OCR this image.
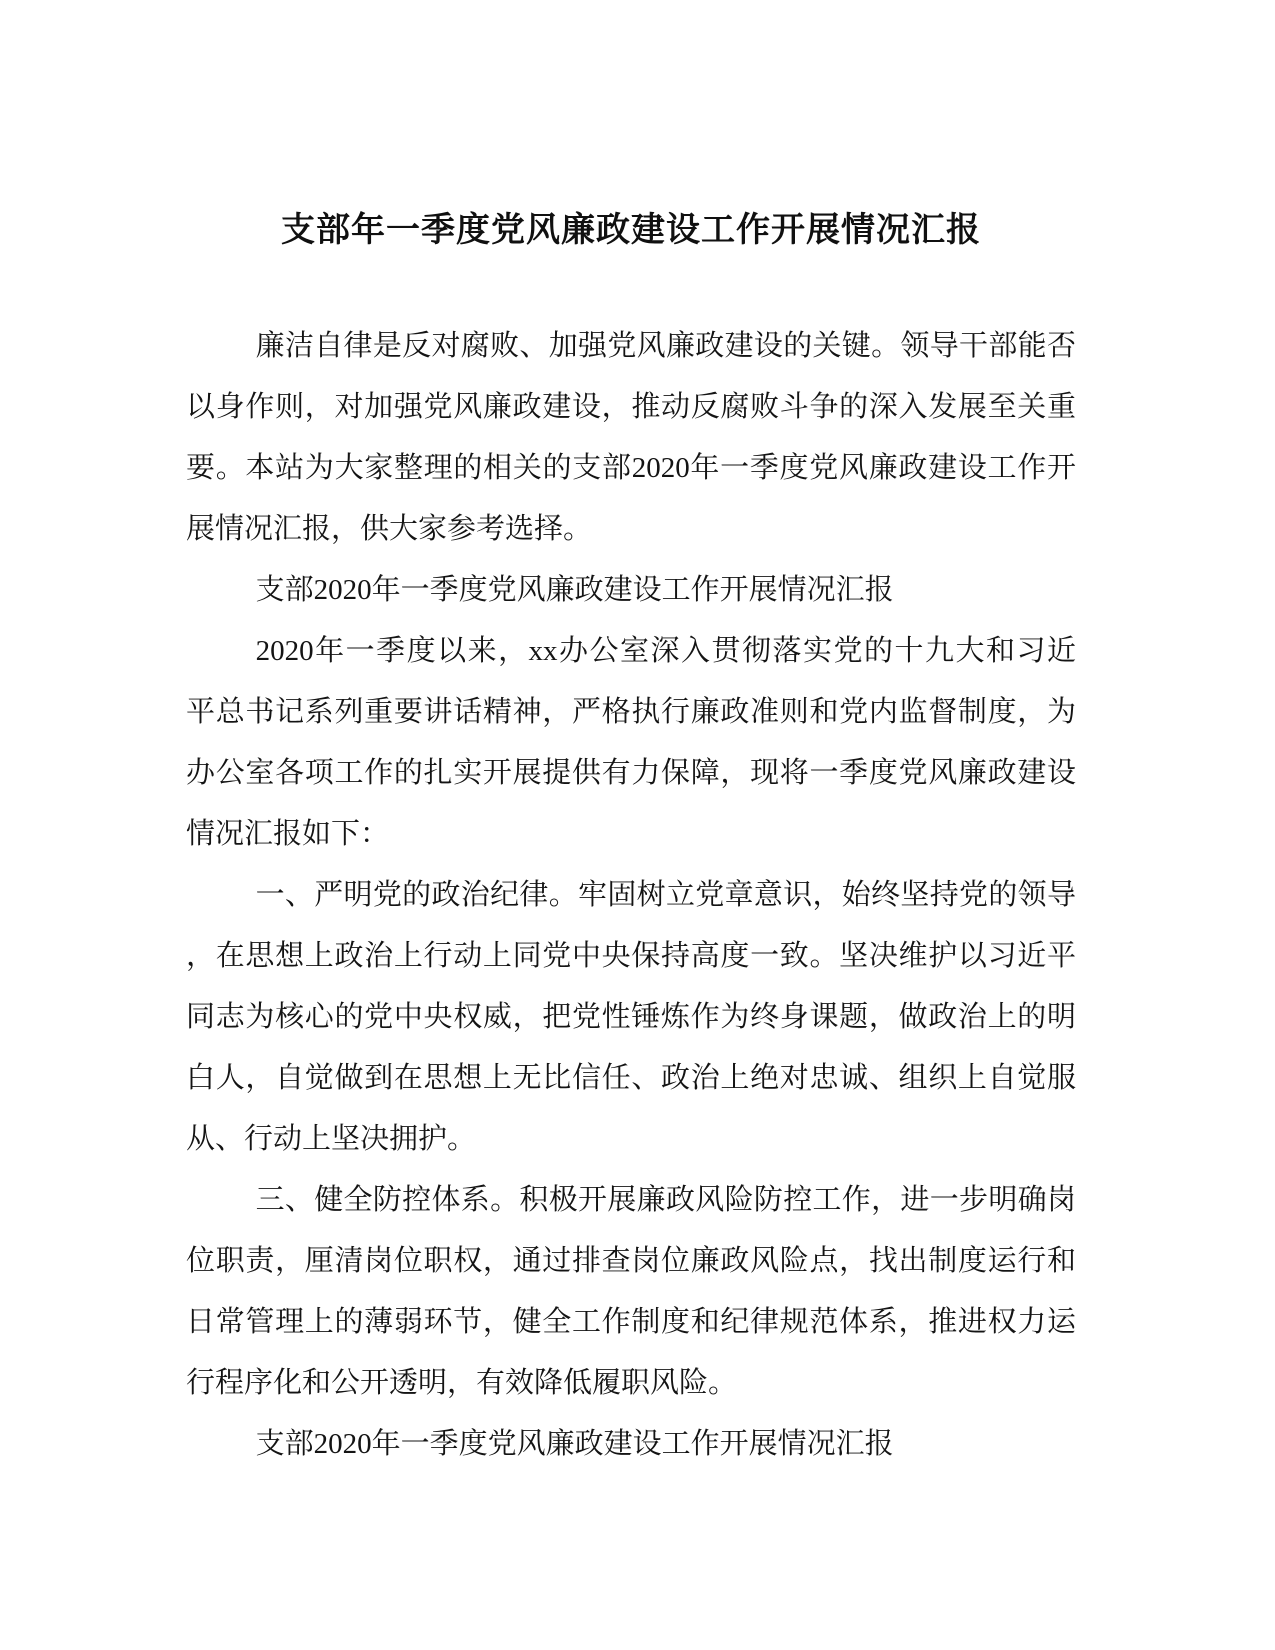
支部年一季度党风廉政建设工作开展情况汇报
廉洁自律是反对腐败、加强党风廉政建设的关键。领导干部能否
以身作则，对加强党风廉政建设，推动反腐败斗争的深入发展至关重
要。本站为大家整理的相关的支部2020年一季度党风廉政建设工作开
展情况汇报，供大家参考选择。
支部2020年一季度党风廉政建设工作开展情况汇报
2020年一季度以来，xx办公室深入贯彻落实党的十九大和习近
平总书记系列重要讲话精神，严格执行廉政准则和党内监督制度，为
办公室各项工作的扎实开展提供有力保障，现将一季度党风廉政建设
情况汇报如下：
一、严明党的政治纪律。牢固树立党章意识，始终坚持党的领导
，在思想上政治上行动上同党中央保持高度一致。坚决维护以习近平
同志为核心的党中央权威，把党性锤炼作为终身课题，做政治上的明
白人，自觉做到在思想上无比信任、政治上绝对忠诚、组织上自觉服
从、行动上坚决拥护。
三、健全防控体系。积极开展廉政风险防控工作，进一步明确岗
位职责，厘清岗位职权，通过排查岗位廉政风险点，找出制度运行和
日常管理上的薄弱环节，健全工作制度和纪律规范体系，推进权力运
行程序化和公开透明，有效降低履职风险。
支部2020年一季度党风廉政建设工作开展情况汇报
